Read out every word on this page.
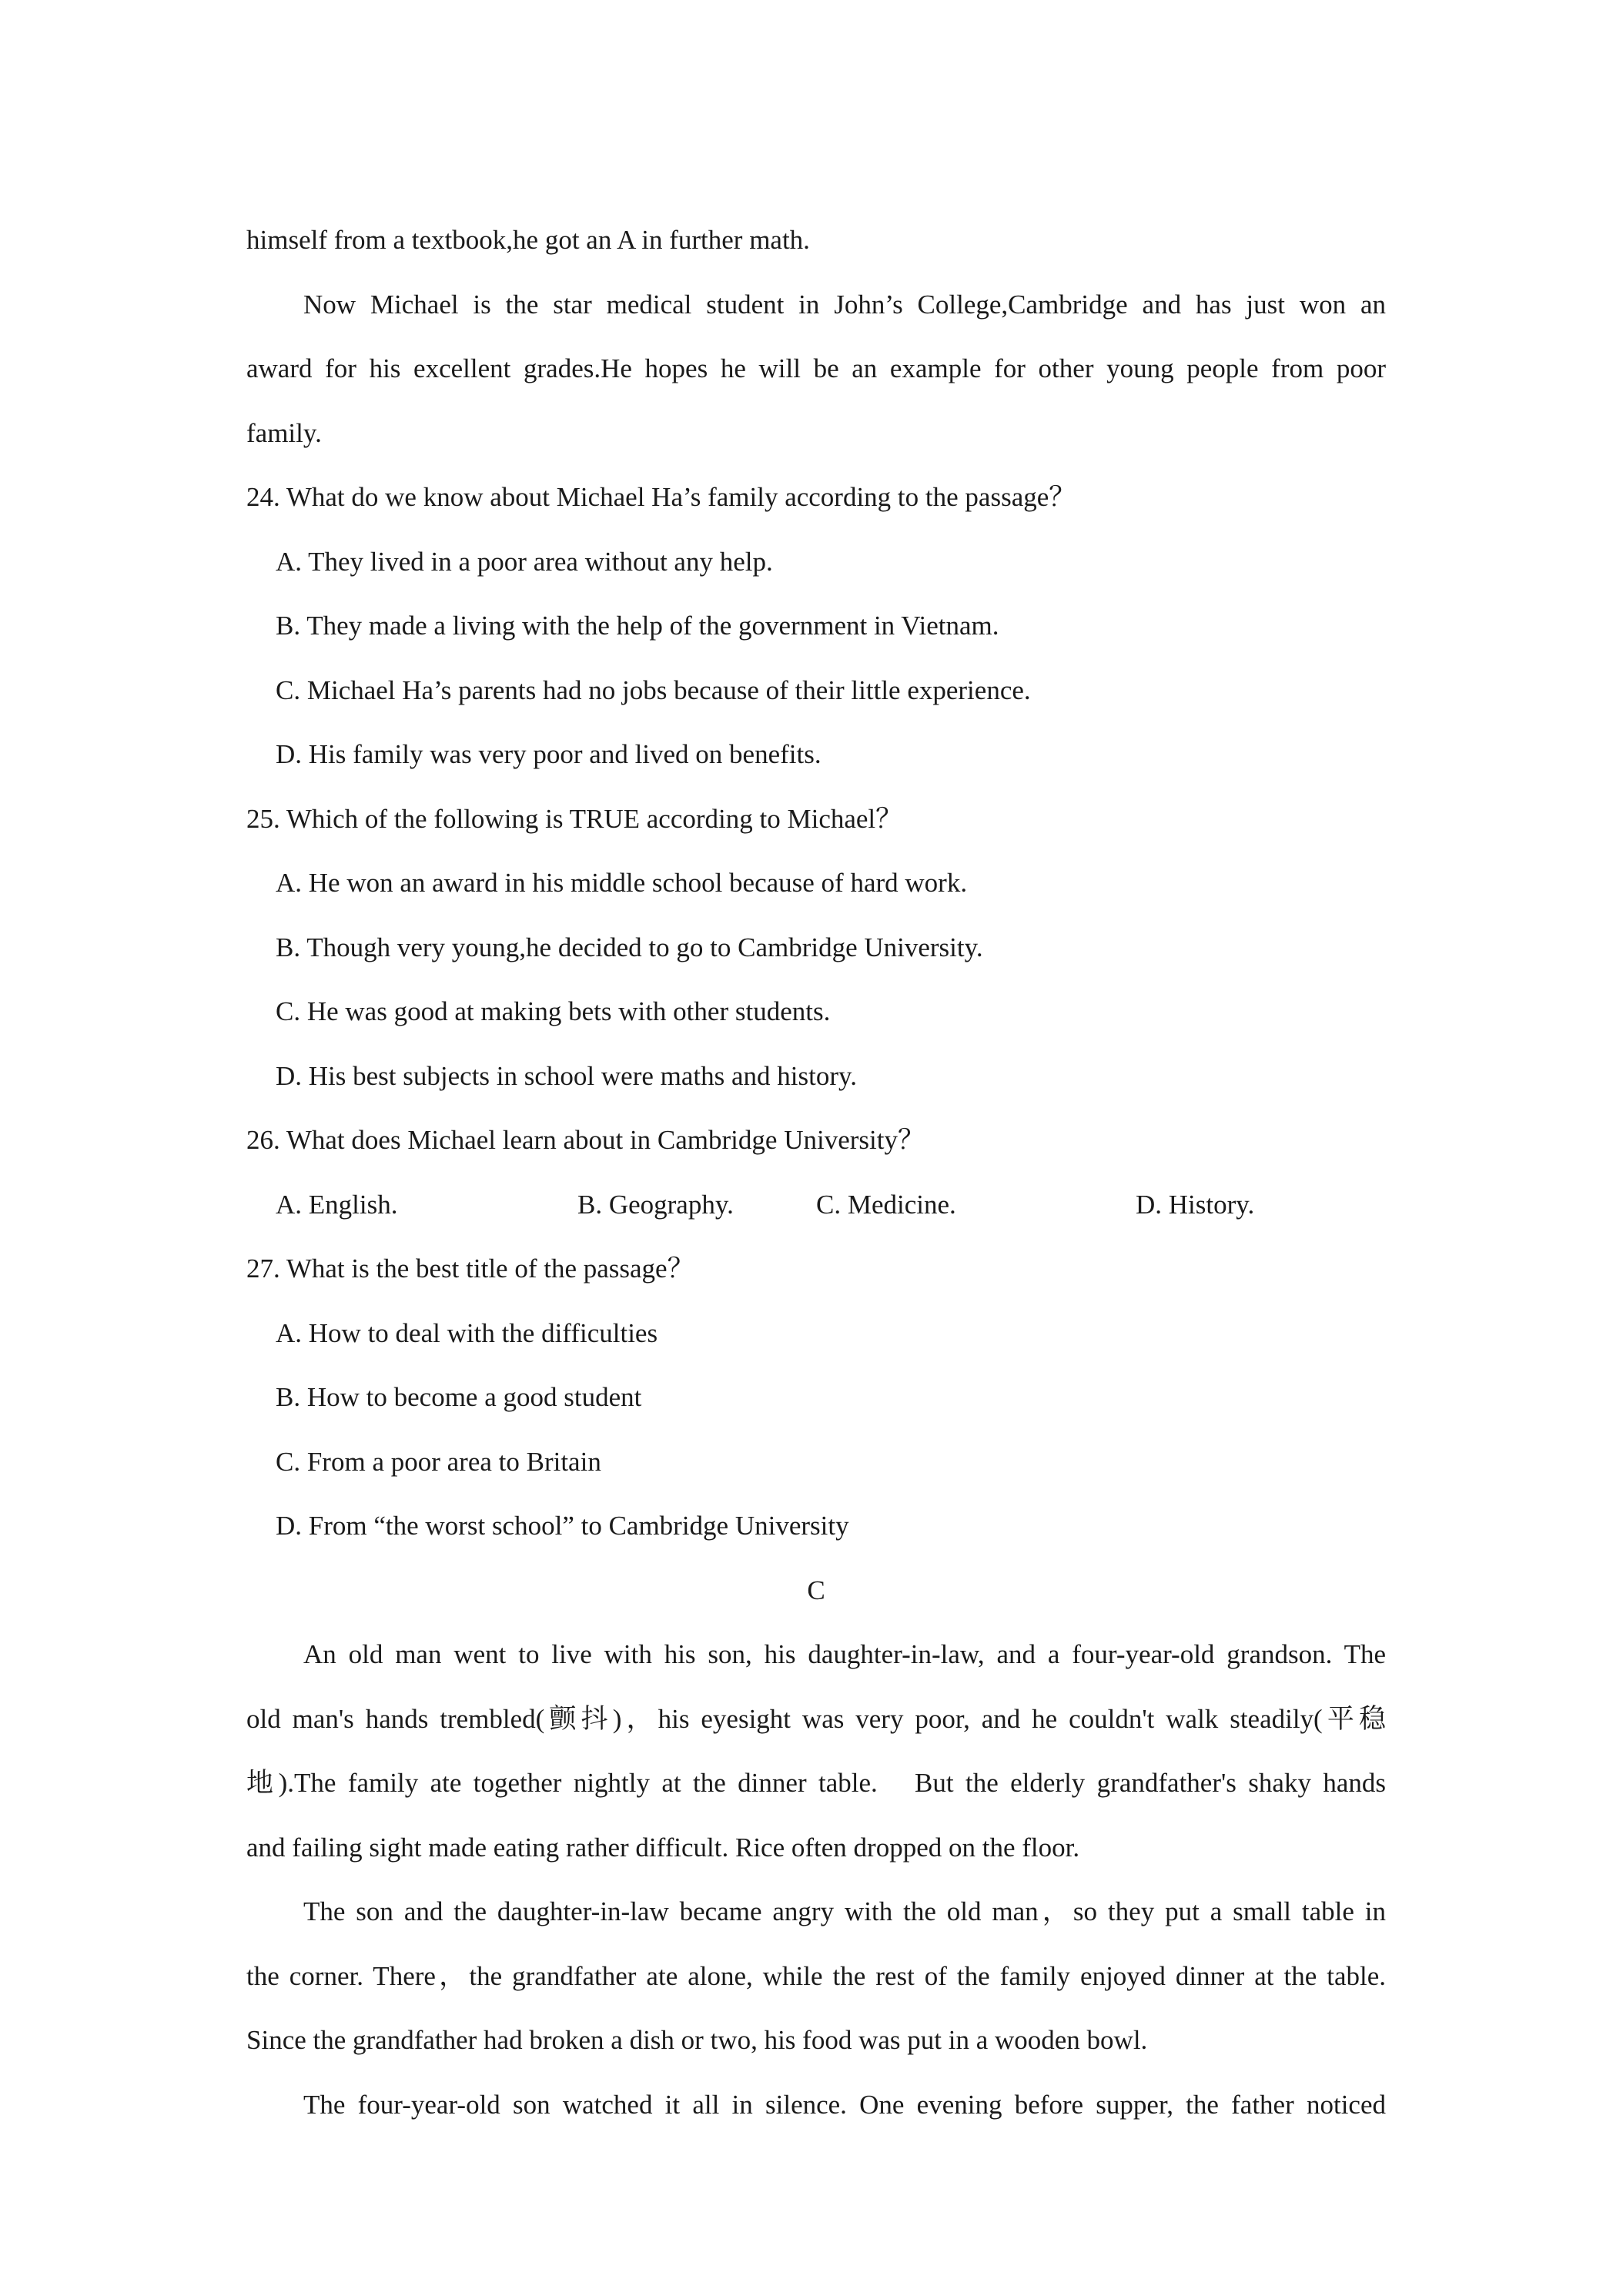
himself from a textbook,he got an A in further math.

Now Michael is the star medical student in John’s College,Cambridge and has just won an
award for his excellent grades.He hopes he will be an example for other young people from poor
family.

24. What do we know about Michael Ha’s family according to the passage？

A. They lived in a poor area without any help.

B. They made a living with the help of the government in Vietnam.

C. Michael Ha’s parents had no jobs because of their little experience.

D. His family was very poor and lived on benefits.

25. Which of the following is TRUE according to Michael？

A. He won an award in his middle school because of hard work.

B. Though very young,he decided to go to Cambridge University.

C. He was good at making bets with other students.

D. His best subjects in school were maths and history.

26. What does Michael learn about in Cambridge University？

A. English.	B. Geography.	C. Medicine.	D. History.

27. What is the best title of the passage？

A. How to deal with the difficulties

B. How to become a good student

C. From a poor area to Britain

D. From “the worst school” to Cambridge University

C

An old man went to live with his son, his daughter-in-law, and a four-year-old grandson. The
old man's hands trembled(颤抖)，his eyesight was very poor, and he couldn't walk steadily(平稳
地).The family ate together nightly at the dinner table.　But the elderly grandfather's shaky hands
and failing sight made eating rather difficult. Rice often dropped on the floor.
The son and the daughter-in-law became angry with the old man，so they put a small table in
the corner. There，the grandfather ate alone, while the rest of the family enjoyed dinner at the table.
Since the grandfather had broken a dish or two, his food was put in a wooden bowl.
The four-year-old son watched it all in silence. One evening before supper, the father noticed
